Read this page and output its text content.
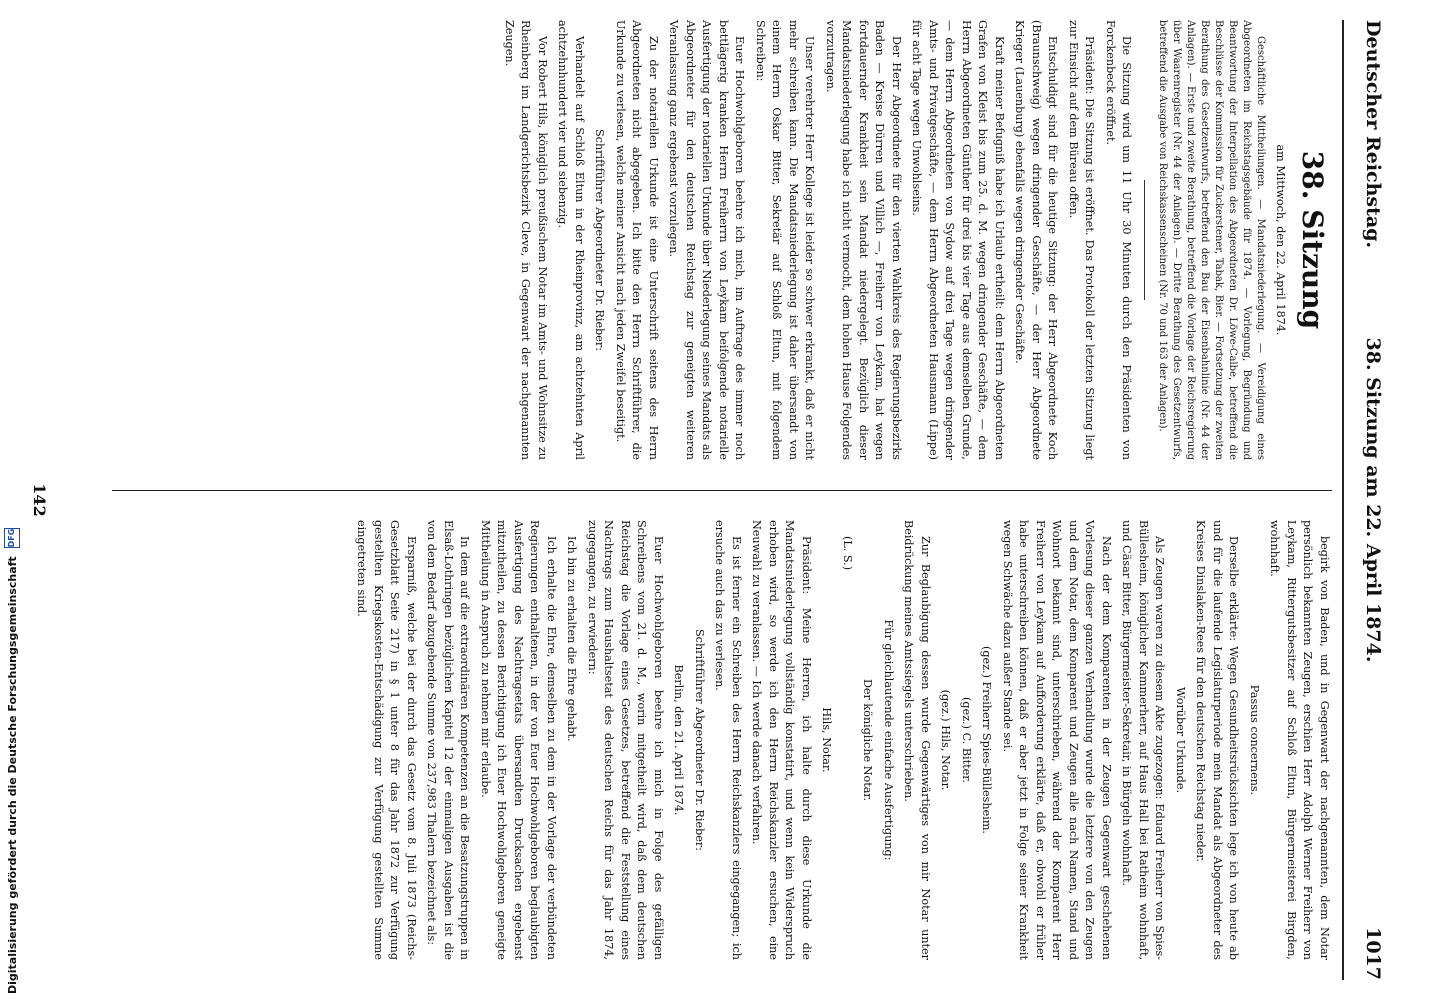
Deutscher Reichstag.
38. Sitzung am 22. April 1874.
1017

38. Sitzung

am Mittwoch, den 22. April 1874.

Geschäftliche Mittheilungen. — Mandatsniederlegung. — Vereidigung eines Abgeordneten im Reichstagsgebäude für 1874. — Vorlegung, Begründung und Beantwortung der Interpellation des Abgeordneten Dr. Löwe-Calbe, betreffend die Beschlüsse der Kommission für Zuckerstener, Tabak, Bier. — Fortsetzung der zweiten Berathung des Gesetzentwurfs, betreffend den Bau der Eisenbahnlinie (Nr. 44 der Anlagen). — Erste und zweite Berathung, betreffend die Vorlage der Reichsregierung über Waarenregister (Nr. 44 der Anlagen). — Dritte Berathung des Gesetzentwurfs, betreffend die Ausgabe von Reichskassenscheinen (Nr. 70 und 163 der Anlagen).

Die Sitzung wird um 11 Uhr 30 Minuten durch den Präsidenten von Forckenbeck eröffnet.

Präsident: Die Sitzung ist eröffnet. Das Protokoll der letzten Sitzung liegt zur Einsicht auf dem Büreau offen.

Entschuldigt sind für die heutige Sitzung: der Herr Abgeordnete Koch (Braunschweig) wegen dringender Geschäfte, — der Herr Abgeordnete Krieger (Lauenburg) ebenfalls wegen dringender Geschäfte.

Kraft meiner Befugniß habe ich Urlaub ertheilt: dem Herrn Abgeordneten Grafen von Kleist bis zum 25. d. M. wegen dringender Geschäfte, — dem Herrn Abgeordneten Günther für drei bis vier Tage aus demselben Grunde, — dem Herrn Abgeordneten von Sydow auf drei Tage wegen dringender Amts- und Privatgeschäfte, — dem Herrn Abgeordneten Hausmann (Lippe) für acht Tage wegen Unwohlseins.

Der Herr Abgeordnete für den vierten Wahlkreis des Regierungsbezirks Baden — Kreise Dürren und Villich —, Freiherr von Leykam, hat wegen fortdauernder Krankheit sein Mandat niedergelegt. Bezüglich dieser Mandatsniederlegung habe ich nicht vermocht, dem hohen Hause Folgendes vorzutragen.

Unser verehrter Herr Kollege ist leider so schwer erkrankt, daß er nicht mehr schreiben kann. Die Mandatsniederlegung ist daher übersandt von einem Herrn Oskar Bitter, Sekretär auf Schloß Eltun, mit folgendem Schreiben:

Euer Hochwohlgeboren beehre ich mich, im Auftrage des immer noch bettlägerig kranken Herrn Freiherrn von Leykam beifolgende notarielle Ausfertigung der notariellen Urkunde über Niederlegung seines Mandats als Abgeordneter für den deutschen Reichstag zur geneigten weiteren Veranlassung ganz ergebenst vorzulegen.

Zu der notariellen Urkunde ist eine Unterschrift seitens des Herrn Abgeordneten nicht abgegeben. Ich bitte den Herrn Schriftführer, die Urkunde zu verlesen, welche meiner Ansicht nach jeden Zweifel beseitigt.

Schriftführer Abgeordneter Dr. Rieber:

Verhandelt auf Schloß Eltun in der Rheinprovinz, am achtzehnten April achtzehnhundert vier und siebenzig.

Vor Robert Hils, königlich preußischem Notar im Amts- und Wohnsitze zu Rheinberg im Landgerichtsbezirk Cleve, in Gegenwart der nachgenannten Zeugen.

begirk von Baden, und in Gegenwart der nachgenannten, dem Notar persönlich bekannten Zeugen, erschien Herr Adolph Werner Freiherr von Leykam, Rittergutsbesitzer auf Schloß Eltun, Bürgermeisterei Birgden, wohnhaft.

Passus concernens.

Derselbe erklärte: Wegen Gesundheitsrücksichten lege ich von heute ab und für die laufende Legislaturperiode mein Mandat als Abgeordneter des Kreises Dinslaken-Rees für den deutschen Reichstag nieder.

Worüber Urkunde.

Als Zeugen waren zu diesem Akte zugezogen: Eduard Freiherr von Spies-Büllesheim, königlicher Kammerherr, auf Haus Hall bei Ratheim wohnhaft, und Cäsar Bitter, Bürgermeister-Sekretair, in Bürgeln wohnhaft.

Nach der dem Komparenten in der Zeugen Gegenwart geschehenen Vorlesung dieser ganzen Verhandlung wurde die letztere von den Zeugen und dem Notar, dem Komparent und Zeugen alle nach Namen, Stand und Wohnort bekannt sind, unterschrieben, während der Komparent Herr Freiherr von Leykam auf Aufforderung erklärte, daß er, obwohl er früher habe unterschreiben können, daß er aber jetzt in Folge seiner Krankheit wegen Schwäche dazu außer Stande sei.

(gez.) Freiherr Spies-Büllesheim.

(gez.) C. Bitter.

(gez.) Hils, Notar.

Zur Beglaubigung dessen wurde Gegenwärtiges von mir Notar unter Beidrückung meines Amtssiegels unterschrieben.

Für gleichlautende einfache Ausfertigung:

Der königliche Notar.

(L. S.)

Hils, Notar.

Präsident: Meine Herren, ich halte durch diese Urkunde die Mandatsniederlegung vollständig konstatirt, und wenn kein Widerspruch erhoben wird, so werde ich den Herrn Reichskanzler ersuchen, eine Neuwahl zu veranlassen. — Ich werde danach verfahren.

Es ist ferner ein Schreiben des Herrn Reichskanzlers eingegangen; ich ersuche auch das zu verlesen.

Schriftführer Abgeordneter Dr. Rieber:

Berlin, den 21. April 1874.

Euer Hochwohlgeboren beehre ich mich in Folge des gefälligen Schreibens vom 21. d. M., worin mitgetheilt wird, daß dem deutschen Reichstag die Vorlage eines Gesetzes, betreffend die Feststellung eines Nachtrags zum Haushaltsetat des deutschen Reichs für das Jahr 1874, zugegangen, zu erwiedern:

Ich bin zu erhalten die Ehre gehabt.

Ich erhalte die Ehre, demselben zu dem in der Vorlage der verbündeten Regierungen enthaltenen, in der von Euer Hochwohlgeboren beglaubigten Ausfertigung des Nachtragsetats übersandten Drucksachen ergebenst mitzutheilen, zu dessen Berichtigung ich Euer Hochwohlgeboren geneigte Mittheilung in Anspruch zu nehmen mir erlaube.

In dem auf die extraordinären Kompetenzen an die Besatzungstruppen in Elsaß-Lothringen bezüglichen Kapitel 12 der einmaligen Ausgaben ist die von dem Bedarf abzugebende Summe von 237,983 Thalern bezeichnet als:

Ersparniß, welche bei der durch das Gesetz vom 8. Juli 1873 (Reichs-Gesetzblatt Seite 217) in § 1 unter 8 für das Jahr 1872 zur Verfügung gestellten Kriegskosten-Entschädigung zur Verfügung gestellten Summe eingetreten sind.

142
Digitalisierung gefördert durch die Deutsche Forschungsgemeinschaft
DFG
